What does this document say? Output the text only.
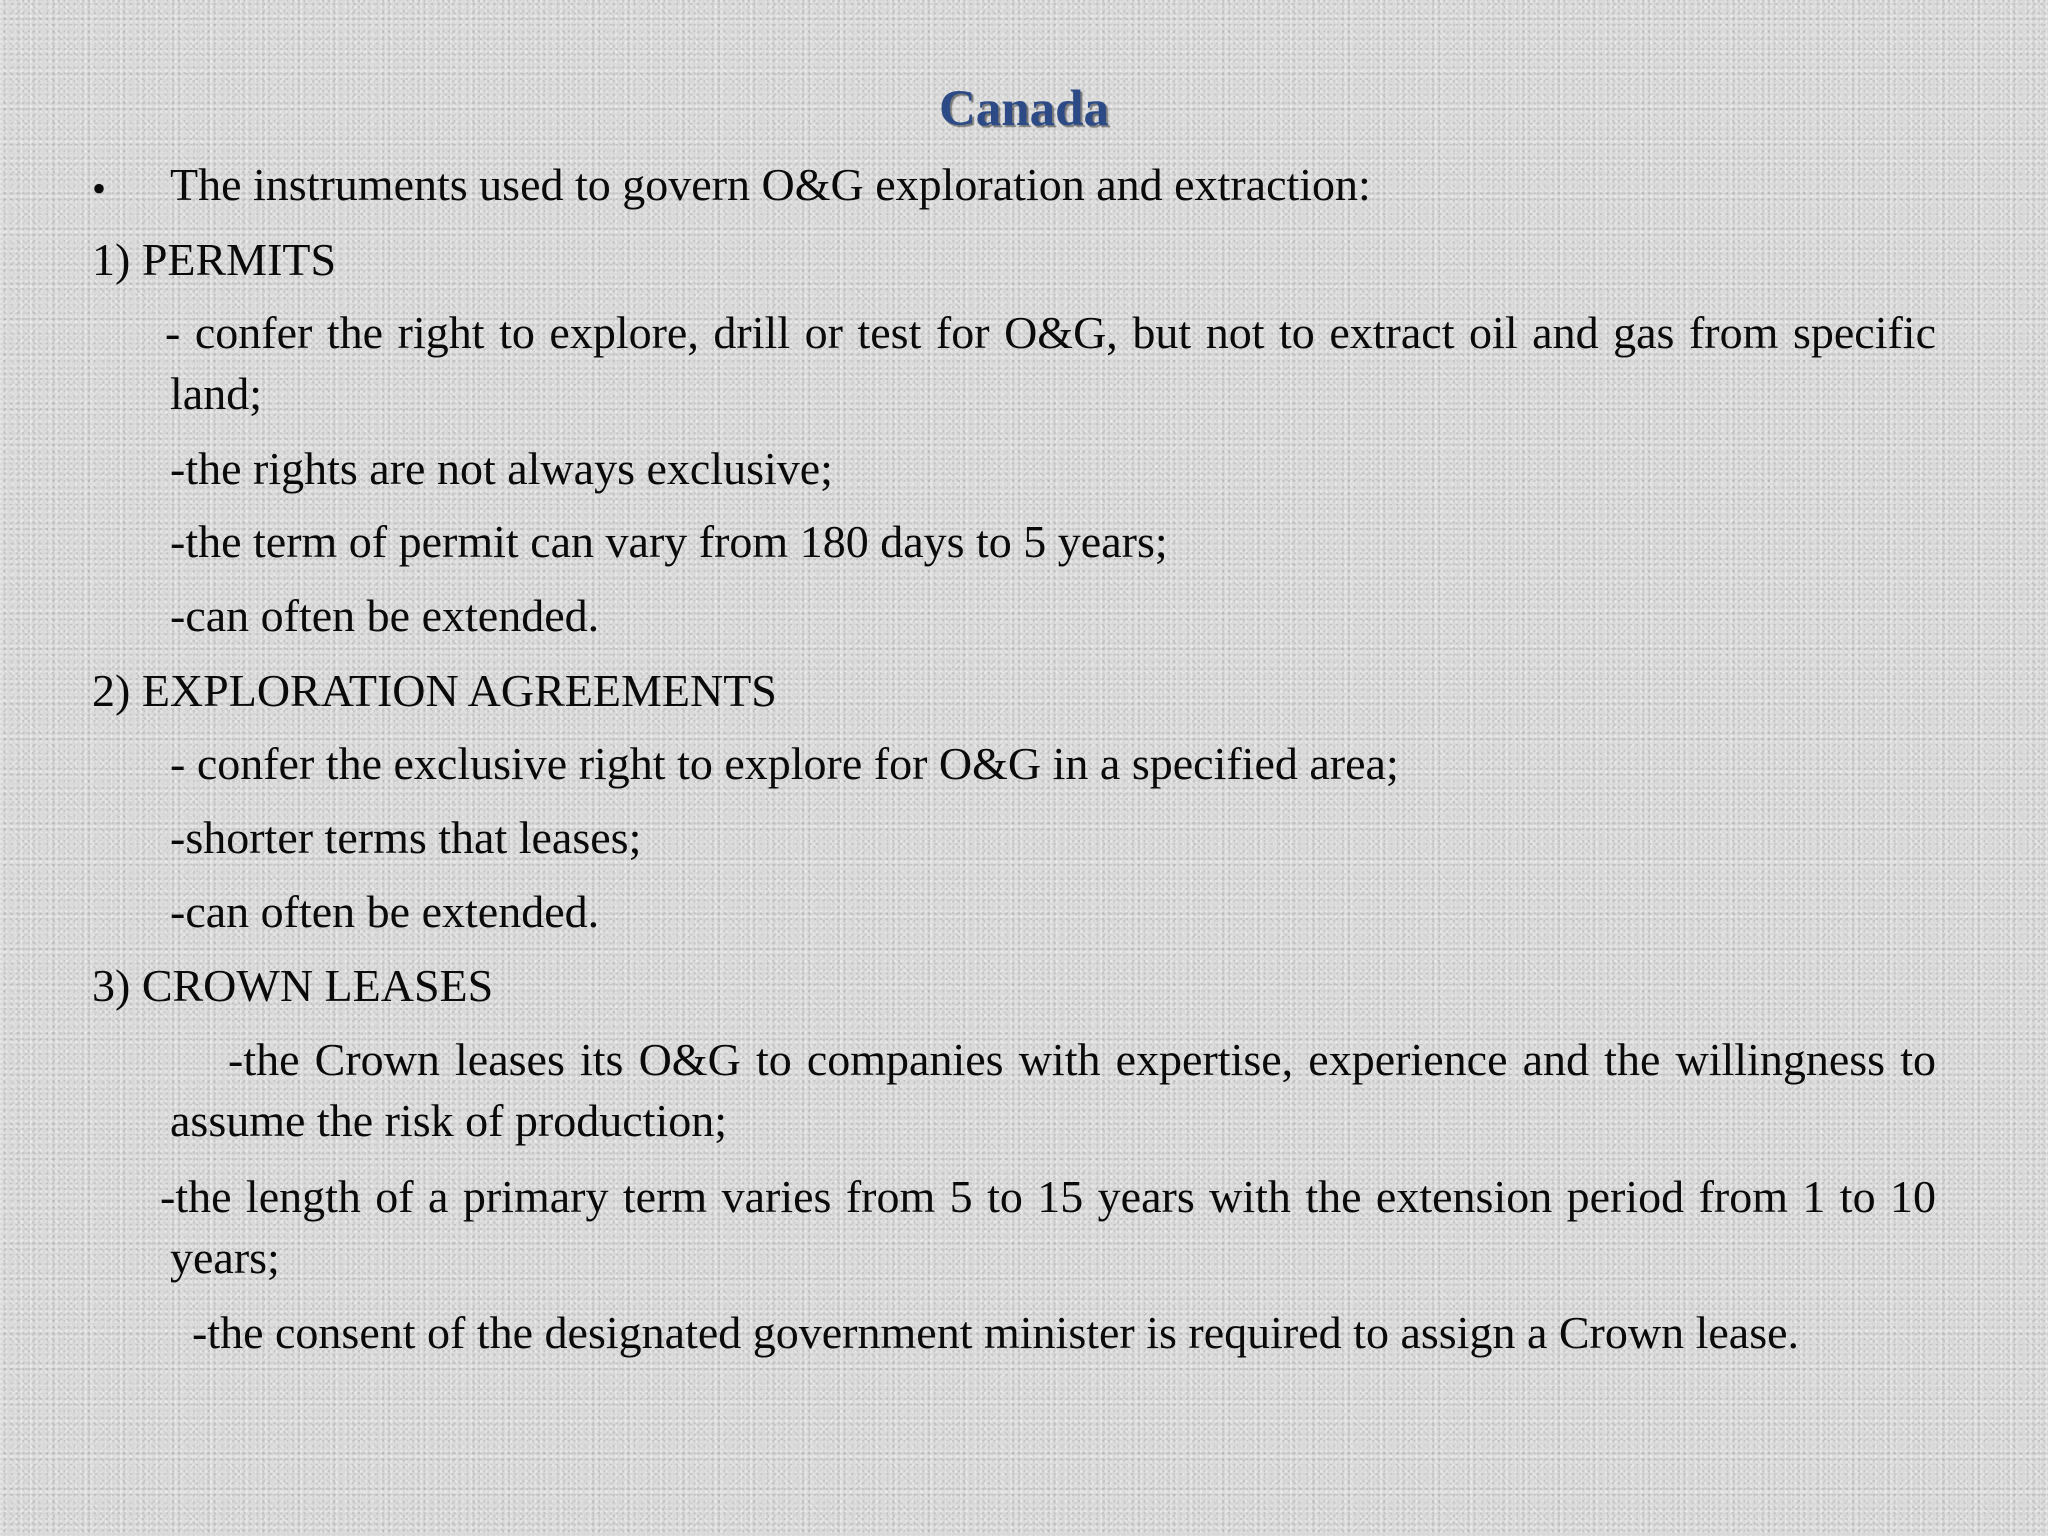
Canada
• The instruments used to govern O&G exploration and extraction:
1) PERMITS
- confer the right to explore, drill or test for O&G, but not to extract oil and gas from specific land;
-the rights are not always exclusive;
-the term of permit can vary from 180 days to 5 years;
-can often be extended.
2) EXPLORATION AGREEMENTS
- confer the exclusive right to explore for O&G in a specified area;
-shorter terms that leases;
-can often be extended.
3) CROWN LEASES
-the Crown leases its O&G to companies with expertise, experience and the willingness to assume the risk of production;
-the length of a primary term varies from 5 to 15 years with the extension period from 1 to 10 years;
-the consent of the designated government minister is required to assign a Crown lease.
